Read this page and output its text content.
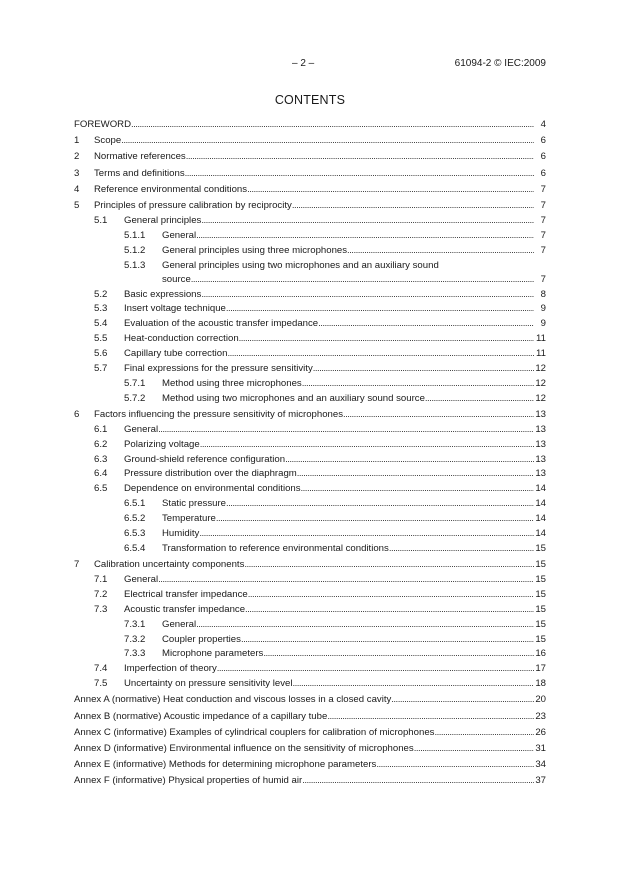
– 2 –	61094-2 © IEC:2009
CONTENTS
FOREWORD . . .	4
1 Scope . . .	6
2 Normative references . . .	6
3 Terms and definitions . . .	6
4 Reference environmental conditions . . .	7
5 Principles of pressure calibration by reciprocity . . .	7
5.1 General principles . . .	7
5.1.1 General . . .	7
5.1.2 General principles using three microphones . . .	7
5.1.3 General principles using two microphones and an auxiliary sound
source . . .	7
5.2 Basic expressions . . .	8
5.3 Insert voltage technique . . .	9
5.4 Evaluation of the acoustic transfer impedance . . .	9
5.5 Heat-conduction correction . . .	11
5.6 Capillary tube correction . . .	11
5.7 Final expressions for the pressure sensitivity . . .	12
5.7.1 Method using three microphones . . .	12
5.7.2 Method using two microphones and an auxiliary sound source . . .	12
6 Factors influencing the pressure sensitivity of microphones . . .	13
6.1 General . . .	13
6.2 Polarizing voltage . . .	13
6.3 Ground-shield reference configuration . . .	13
6.4 Pressure distribution over the diaphragm . . .	13
6.5 Dependence on environmental conditions . . .	14
6.5.1 Static pressure . . .	14
6.5.2 Temperature . . .	14
6.5.3 Humidity . . .	14
6.5.4 Transformation to reference environmental conditions . . .	15
7 Calibration uncertainty components . . .	15
7.1 General . . .	15
7.2 Electrical transfer impedance . . .	15
7.3 Acoustic transfer impedance . . .	15
7.3.1 General . . .	15
7.3.2 Coupler properties . . .	15
7.3.3 Microphone parameters . . .	16
7.4 Imperfection of theory . . .	17
7.5 Uncertainty on pressure sensitivity level . . .	18
Annex A (normative) Heat conduction and viscous losses in a closed cavity . . .	20
Annex B (normative) Acoustic impedance of a capillary tube . . .	23
Annex C (informative) Examples of cylindrical couplers for calibration of microphones . . .	26
Annex D (informative) Environmental influence on the sensitivity of microphones . . .	31
Annex E (informative) Methods for determining microphone parameters . . .	34
Annex F (informative) Physical properties of humid air . . .	37
